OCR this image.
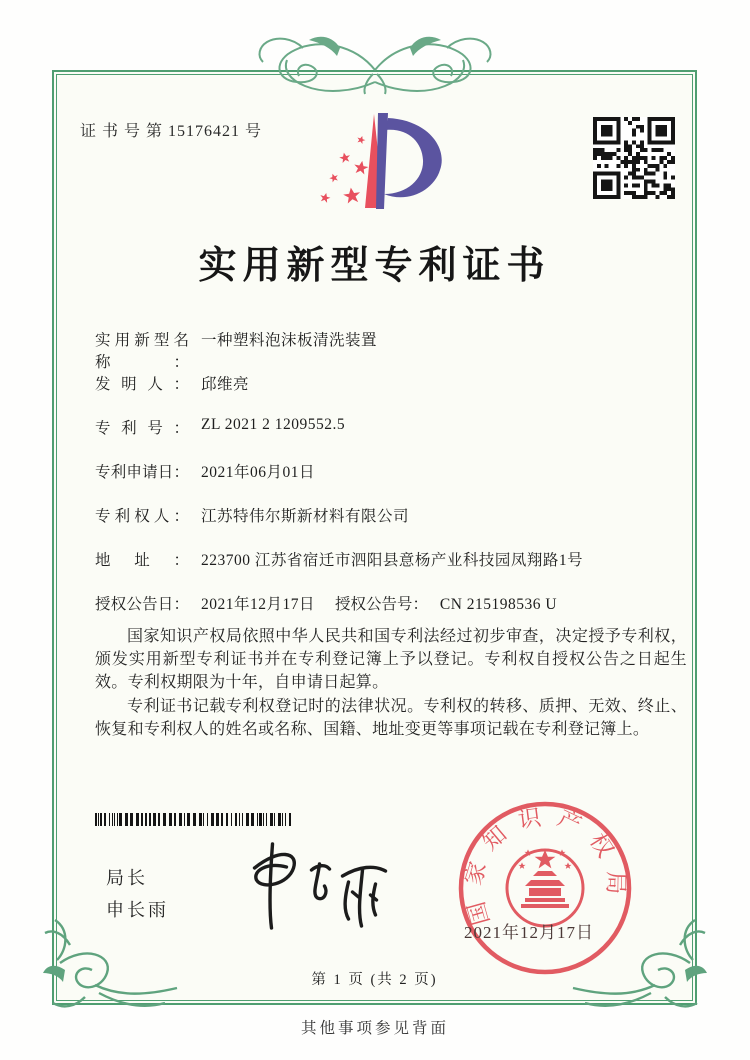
证 书 号 第 15176421 号
实用新型专利证书
实用新型名称：
一种塑料泡沫板清洗装置
发明人： 邱维亮
专利号： ZL 2021 2 1209552.5
专利申请日： 2021年06月01日
专利权人： 江苏特伟尔斯新材料有限公司
地址： 223700 江苏省宿迁市泗阳县意杨产业科技园凤翔路1号
授权公告日： 2021年12月17日 授权公告号： CN 215198536 U

国家知识产权局依照中华人民共和国专利法经过初步审查，决定授予专利权，颁发实用新型专利证书并在专利登记簿上予以登记。专利权自授权公告之日起生效。专利权期限为十年，自申请日起算。

专利证书记载专利权登记时的法律状况。专利权的转移、质押、无效、终止、恢复和专利权人的姓名或名称、国籍、地址变更等事项记载在专利登记簿上。

局长
申长雨	国家知识产权局
2021年12月17日
第 1 页 (共 2 页)
其他事项参见背面
